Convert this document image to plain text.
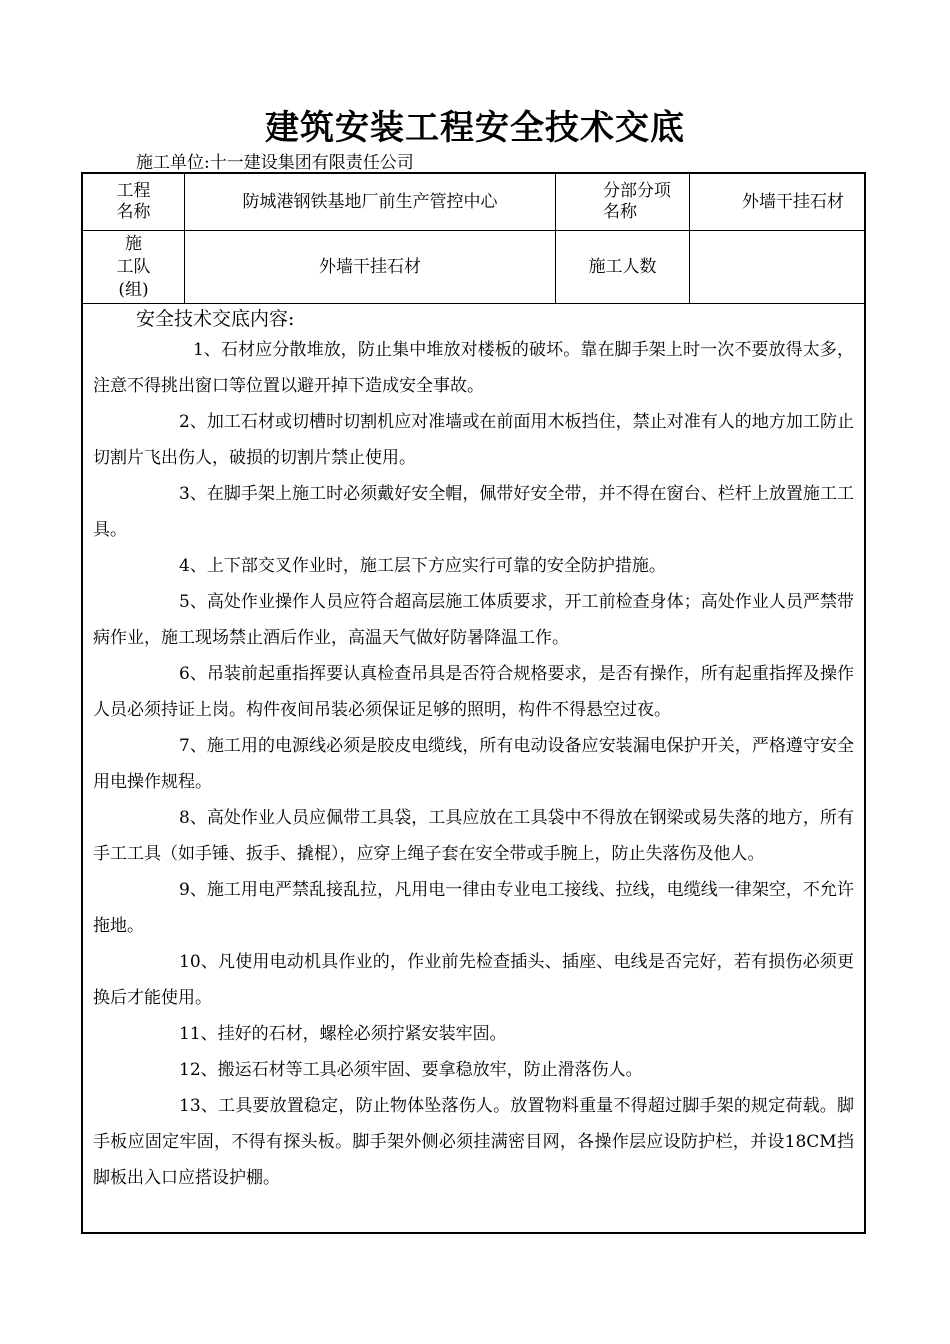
建筑安装工程安全技术交底
施工单位:十一建设集团有限责任公司
工程
名称
防城港钢铁基地厂前生产管控中心
分部分项
名称
外墙干挂石材
施
工队
(组)
外墙干挂石材	施工人数
安全技术交底内容:

1、石材应分散堆放，防止集中堆放对楼板的破坏。靠在脚手架上时一次不要放得太多，注意不得挑出窗口等位置以避开掉下造成安全事故。

2、加工石材或切槽时切割机应对准墙或在前面用木板挡住，禁止对准有人的地方加工防止切割片飞出伤人，破损的切割片禁止使用。

3、在脚手架上施工时必须戴好安全帽，佩带好安全带，并不得在窗台、栏杆上放置施工工具。

4、上下部交叉作业时，施工层下方应实行可靠的安全防护措施。

5、高处作业操作人员应符合超高层施工体质要求，开工前检查身体；高处作业人员严禁带病作业，施工现场禁止酒后作业，高温天气做好防暑降温工作。

6、吊装前起重指挥要认真检查吊具是否符合规格要求，是否有操作，所有起重指挥及操作人员必须持证上岗。构件夜间吊装必须保证足够的照明，构件不得悬空过夜。

7、施工用的电源线必须是胶皮电缆线，所有电动设备应安装漏电保护开关，严格遵守安全用电操作规程。

8、高处作业人员应佩带工具袋，工具应放在工具袋中不得放在钢梁或易失落的地方，所有手工工具（如手锤、扳手、撬棍），应穿上绳子套在安全带或手腕上，防止失落伤及他人。

9、施工用电严禁乱接乱拉，凡用电一律由专业电工接线、拉线，电缆线一律架空，不允许拖地。

10、凡使用电动机具作业的，作业前先检查插头、插座、电线是否完好，若有损伤必须更换后才能使用。

11、挂好的石材，螺栓必须拧紧安装牢固。

12、搬运石材等工具必须牢固、要拿稳放牢，防止滑落伤人。

13、工具要放置稳定，防止物体坠落伤人。放置物料重量不得超过脚手架的规定荷载。脚手板应固定牢固，不得有探头板。脚手架外侧必须挂满密目网，各操作层应设防护栏，并设18CM挡脚板出入口应搭设护棚。
